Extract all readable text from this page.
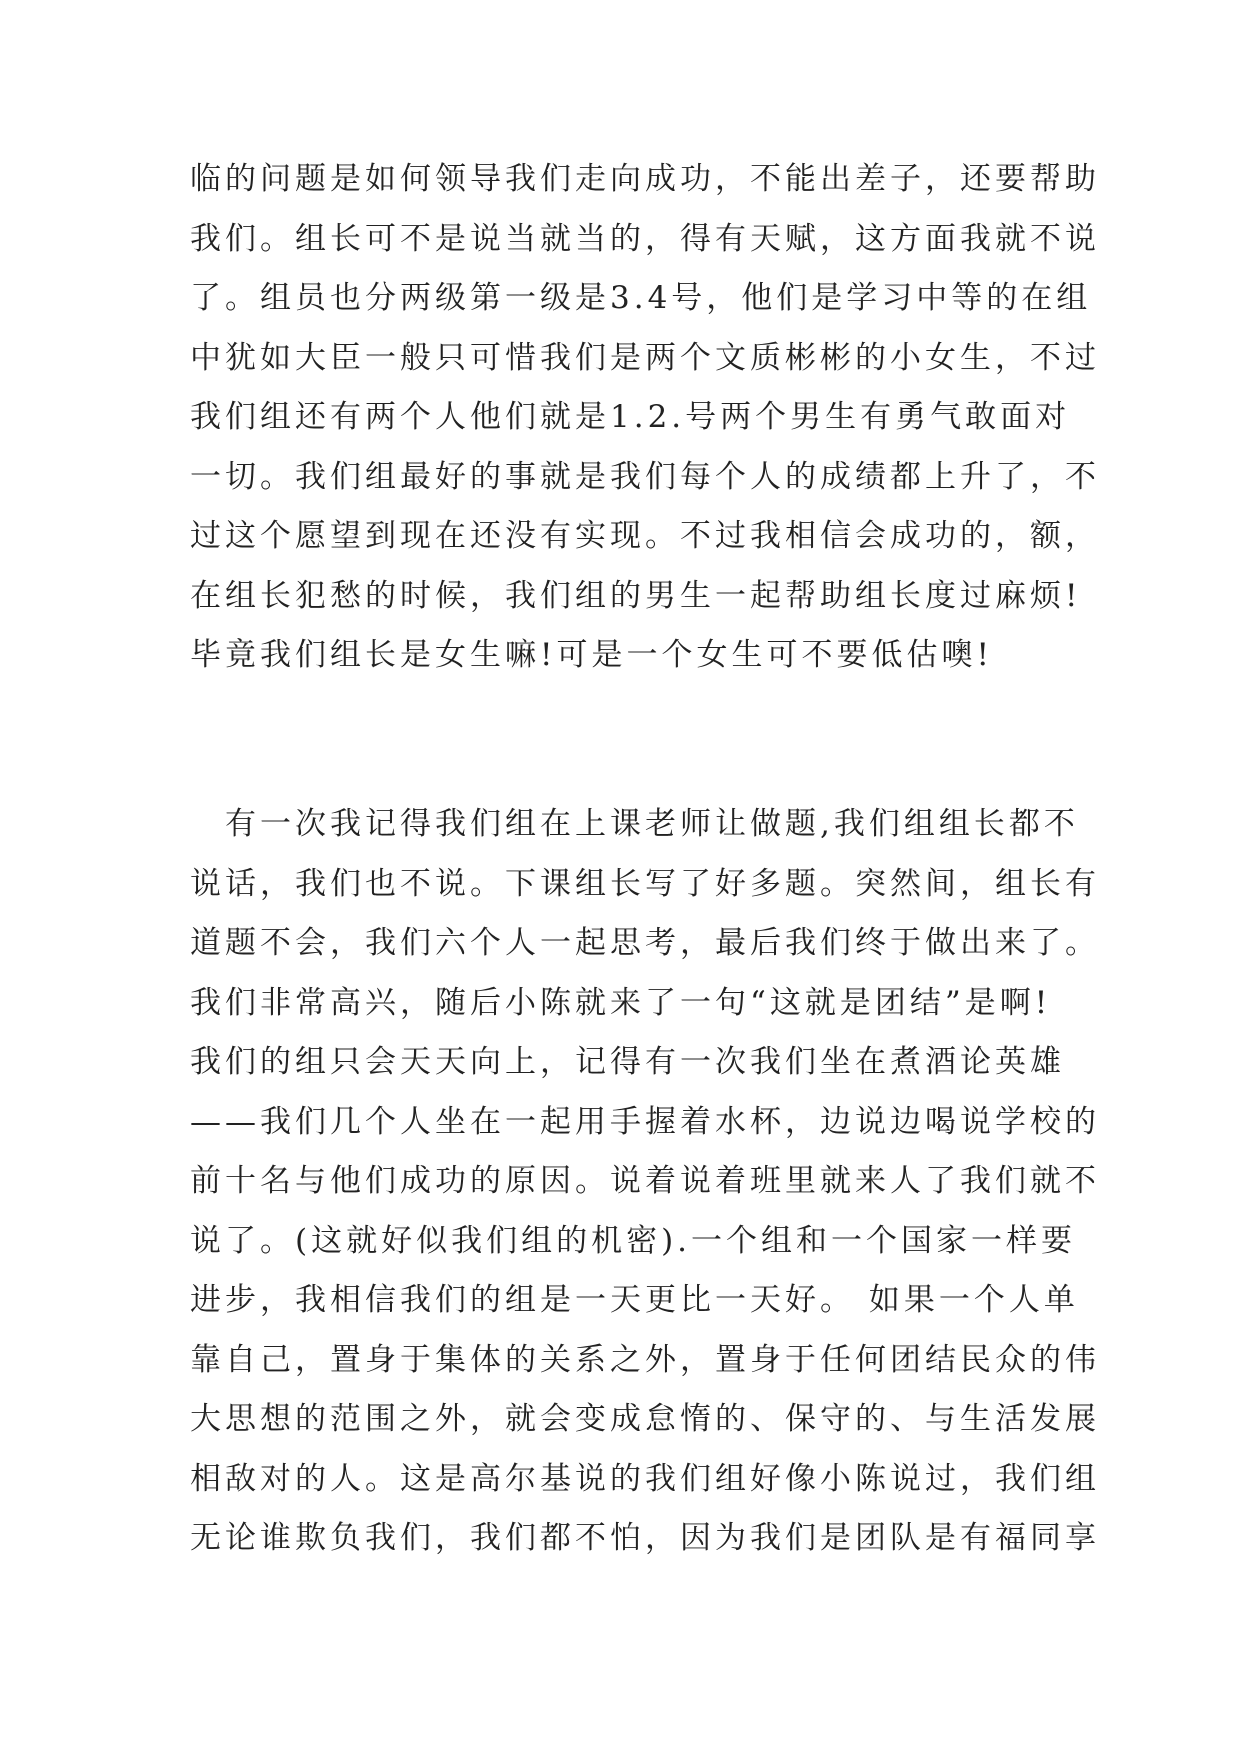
临的问题是如何领导我们走向成功，不能出差子，还要帮助
我们。组长可不是说当就当的，得有天赋，这方面我就不说
了。组员也分两级第一级是3.4号，他们是学习中等的在组
中犹如大臣一般只可惜我们是两个文质彬彬的小女生，不过
我们组还有两个人他们就是1.2.号两个男生有勇气敢面对
一切。我们组最好的事就是我们每个人的成绩都上升了，不
过这个愿望到现在还没有实现。不过我相信会成功的，额，
在组长犯愁的时候，我们组的男生一起帮助组长度过麻烦!
毕竟我们组长是女生嘛!可是一个女生可不要低估噢!
　有一次我记得我们组在上课老师让做题,我们组组长都不
说话，我们也不说。下课组长写了好多题。突然间，组长有
道题不会，我们六个人一起思考，最后我们终于做出来了。
我们非常高兴，随后小陈就来了一句“这就是团结”是啊!
我们的组只会天天向上，记得有一次我们坐在煮酒论英雄
——我们几个人坐在一起用手握着水杯，边说边喝说学校的
前十名与他们成功的原因。说着说着班里就来人了我们就不
说了。(这就好似我们组的机密).一个组和一个国家一样要
进步，我相信我们的组是一天更比一天好。 如果一个人单
靠自己，置身于集体的关系之外，置身于任何团结民众的伟
大思想的范围之外，就会变成怠惰的、保守的、与生活发展
相敌对的人。这是高尔基说的我们组好像小陈说过，我们组
无论谁欺负我们，我们都不怕，因为我们是团队是有福同享
